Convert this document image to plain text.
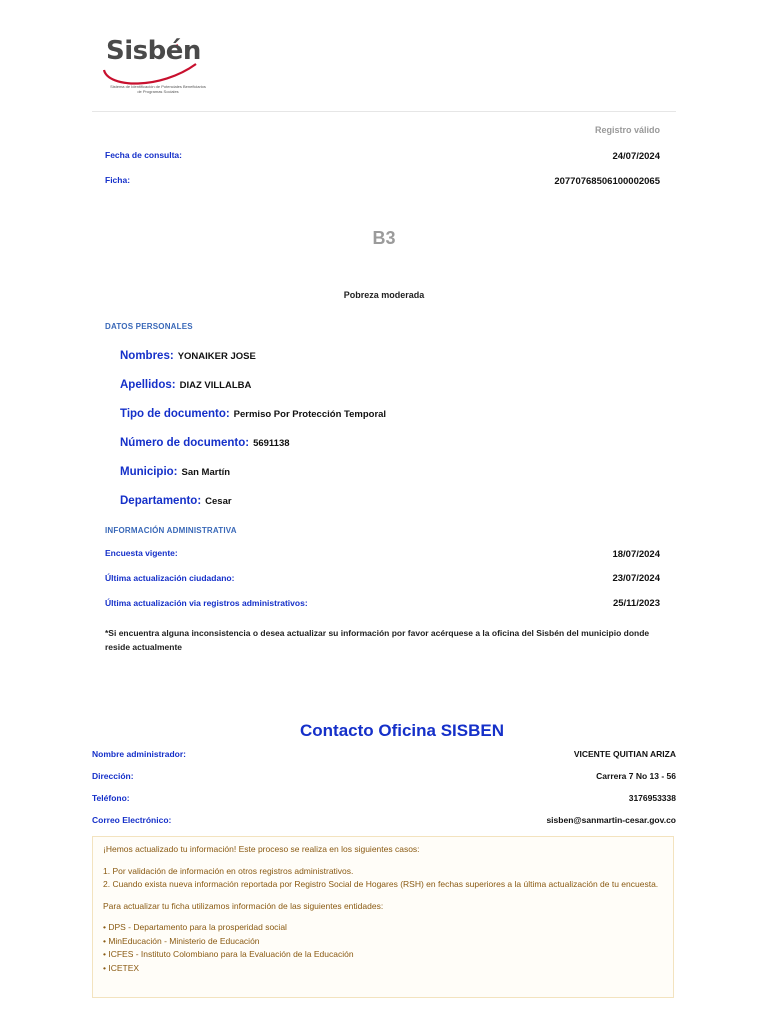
Sisbén
Sistema de Identificación de Potenciales Beneficiarios de Programas Sociales
Registro válido
Fecha de consulta:	24/07/2024
Ficha:	20770768506100002065
B3
Pobreza moderada
DATOS PERSONALES
Nombres: YONAIKER JOSE
Apellidos: DIAZ VILLALBA
Tipo de documento: Permiso Por Protección Temporal
Número de documento: 5691138
Municipio: San Martín
Departamento: Cesar
INFORMACIÓN ADMINISTRATIVA
Encuesta vigente:	18/07/2024
Última actualización ciudadano:	23/07/2024
Última actualización via registros administrativos:	25/11/2023
*Si encuentra alguna inconsistencia o desea actualizar su información por favor acérquese a la oficina del Sisbén del municipio donde reside actualmente
Contacto Oficina SISBEN
Nombre administrador:	VICENTE QUITIAN ARIZA
Dirección:	Carrera 7 No 13 - 56
Teléfono:	3176953338
Correo Electrónico:	sisben@sanmartin-cesar.gov.co

¡Hemos actualizado tu información! Este proceso se realiza en los siguientes casos:

1. Por validación de información en otros registros administrativos.
2. Cuando exista nueva información reportada por Registro Social de Hogares (RSH) en fechas superiores a la última actualización de tu encuesta.

Para actualizar tu ficha utilizamos información de las siguientes entidades:

• DPS - Departamento para la prosperidad social
• MinEducación - Ministerio de Educación
• ICFES - Instituto Colombiano para la Evaluación de la Educación
• ICETEX
